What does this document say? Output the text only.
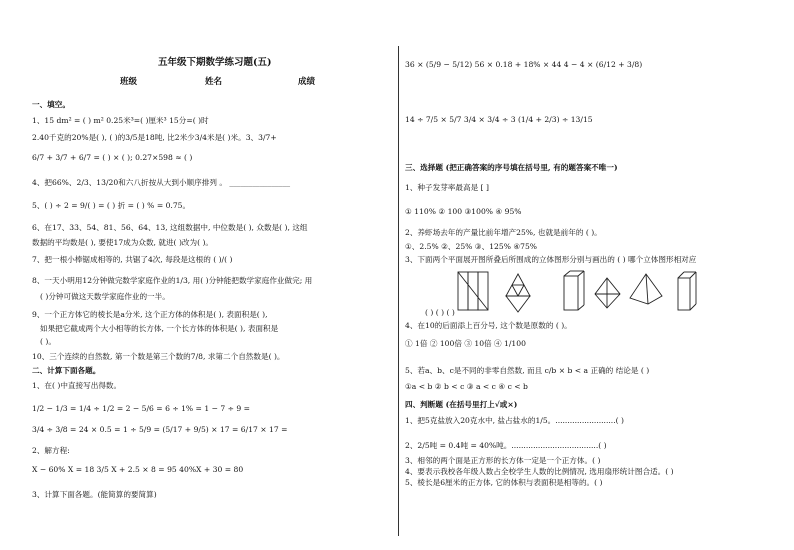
五年级下期数学练习题(五)
班级	姓名	成绩
一、填空。
1、15 dm² = ( ) m² 0.25米³=( )厘米³ 15分=( )时
2.40千克的20%是( ), ( )的3/5是18吨, 比2米少3/4米是( )米。3、3/7+
6/7 + 3/7 + 6/7 = ( ) × ( ); 0.27×598 ≈ ( )
4、把66%、2/3、13/20和六八折按从大到小顺序排列 。 ________________
5、( ) ÷ 2 = 9/( ) = ( ) 折 = ( ) % = 0.75。
6、在17、33、54、81、56、64、13, 这组数据中, 中位数是( ), 众数是( ), 这组
数据的平均数是( ), 要使17成为众数, 就进( )改为( )。
7、把一根小棒锯成相等的, 共锯了4次, 每段是这根的 ( )/( )
8、一天小明用12分钟做完数学家庭作业的1/3, 用( )分钟能把数学家庭作业做完; 用
( )分钟可做这天数学家庭作业的一半。
9、一个正方体它的棱长是a分米, 这个正方体的体积是( ), 表面积是( ),
如果把它截成两个大小相等的长方体, 一个长方体的体积是( ), 表面积是
( )。
10、三个连续的自然数, 第一个数是第三个数的7/8, 求第二个自然数是( )。
二、计算下面各题。
1、在( )中直接写出得数。
1/2 − 1/3 = 1/4 ÷ 1/2 = 2 − 5/6 = 6 ÷ 1% = 1 − 7 ÷ 9 =
3/4 ÷ 3/8 = 24 × 0.5 = 1 ÷ 5/9 = (5/17 + 9/5) × 17 = 6/17 × 17 =
2、解方程:
X − 60% X = 18 3/5 X + 2.5 × 8 = 95 40%X + 30 = 80
3、计算下面各题。(能简算的要简算)
36 × (5/9 − 5/12) 56 × 0.18 + 18% × 44 4 − 4 × (6/12 + 3/8)
14 ÷ 7/5 × 5/7 3/4 × 3/4 ÷ 3 (1/4 + 2/3) ÷ 13/15
三、选择题 (把正确答案的序号填在括号里, 有的题答案不唯一)
1、种子发芽率最高是 [ ]
① 110% ② 100 ③100% ④ 95%
2、养虾场去年的产量比前年增产25%, 也就是前年的 ( )。
①、2.5% ②、25% ③、125% ④75%
3、下面两个平面展开图所叠后所围成的立体图形分别与画出的 ( ) 哪个立体图形相对应
( ) ( ) ( )
4、在10的后面添上百分号, 这个数是原数的 ( )。
① 1倍 ② 100倍 ③ 10倍 ④ 1/100
5、若a、b、c是不同的非零自然数, 而且 c/b × b < a 正确的 结论是 ( )
①a < b ② b < c ③ a < c ④ c < b
四、判断题 (在括号里打上√或×)
1、把5克盐放入20克水中, 盐占盐水的1/5。.........................( )
2、2/5吨 = 0.4吨 = 40%吨。....................................( )
3、相邻的两个面是正方形的长方体一定是一个正方体。( )
4、要表示我校各年级人数占全校学生人数的比例情况, 选用扇形统计图合适。( )
5、棱长是6厘米的正方体, 它的体积与表面积是相等的。( )
